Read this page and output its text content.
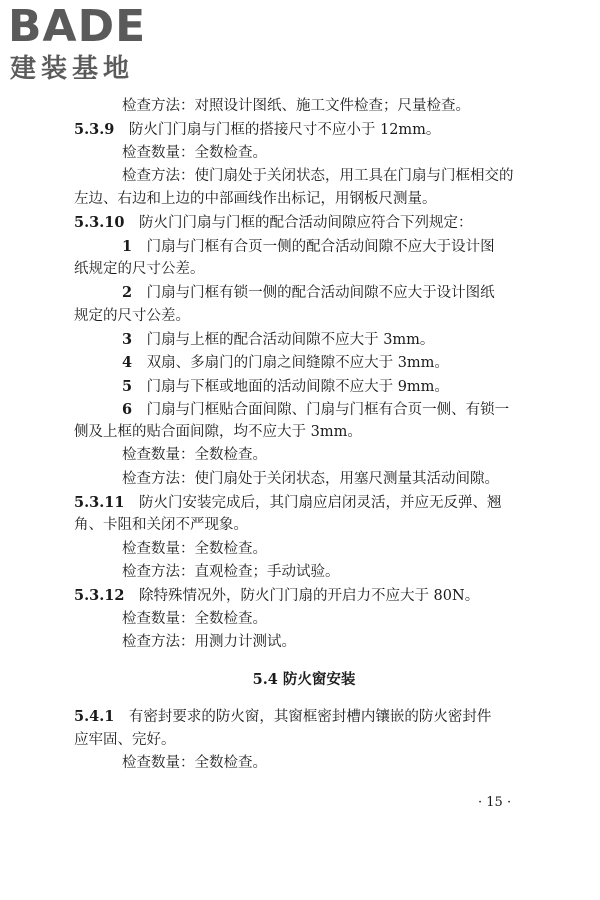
BADE
建装基地
检查方法：对照设计图纸、施工文件检查；尺量检查。
5.3.9  防火门门扇与门框的搭接尺寸不应小于 12mm。
检查数量：全数检查。
检查方法：使门扇处于关闭状态，用工具在门扇与门框相交的
左边、右边和上边的中部画线作出标记，用钢板尺测量。
5.3.10  防火门门扇与门框的配合活动间隙应符合下列规定：
1  门扇与门框有合页一侧的配合活动间隙不应大于设计图
纸规定的尺寸公差。
2  门扇与门框有锁一侧的配合活动间隙不应大于设计图纸
规定的尺寸公差。
3  门扇与上框的配合活动间隙不应大于 3mm。
4  双扇、多扇门的门扇之间缝隙不应大于 3mm。
5  门扇与下框或地面的活动间隙不应大于 9mm。
6  门扇与门框贴合面间隙、门扇与门框有合页一侧、有锁一
侧及上框的贴合面间隙，均不应大于 3mm。
检查数量：全数检查。
检查方法：使门扇处于关闭状态，用塞尺测量其活动间隙。
5.3.11  防火门安装完成后，其门扇应启闭灵活，并应无反弹、翘
角、卡阻和关闭不严现象。
检查数量：全数检查。
检查方法：直观检查；手动试验。
5.3.12  除特殊情况外，防火门门扇的开启力不应大于 80N。
检查数量：全数检查。
检查方法：用测力计测试。
5.4 防火窗安装
5.4.1  有密封要求的防火窗，其窗框密封槽内镶嵌的防火密封件
应牢固、完好。
检查数量：全数检查。
· 15 ·
